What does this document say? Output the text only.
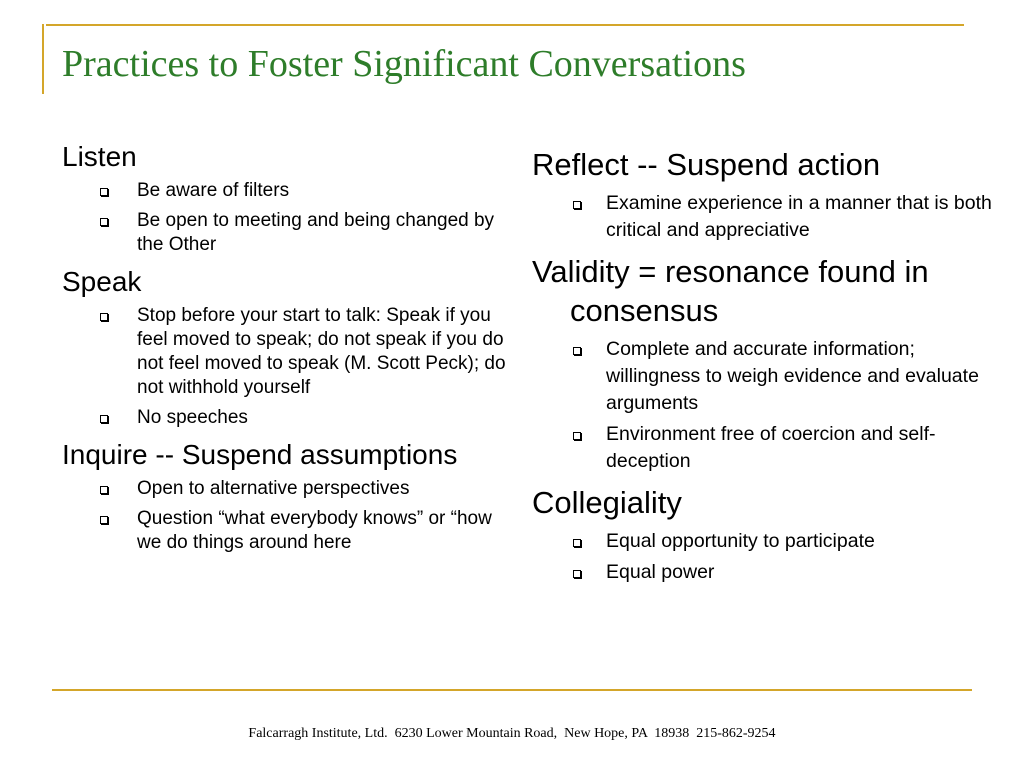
Practices to Foster Significant Conversations
Listen
Be aware of filters
Be open to meeting and being changed by the Other
Speak
Stop before your start to talk: Speak if you feel moved to speak; do not speak if you do not feel moved to speak (M. Scott Peck); do not withhold yourself
No speeches
Inquire -- Suspend assumptions
Open to alternative perspectives
Question “what everybody knows” or “how we do things around here
Reflect -- Suspend action
Examine experience in a manner that is both critical and appreciative
Validity = resonance found in consensus
Complete and accurate information; willingness to weigh evidence and evaluate arguments
Environment free of coercion and self-deception
Collegiality
Equal opportunity to participate
Equal power
Falcarragh Institute, Ltd.  6230 Lower Mountain Road,  New Hope, PA  18938  215-862-9254
